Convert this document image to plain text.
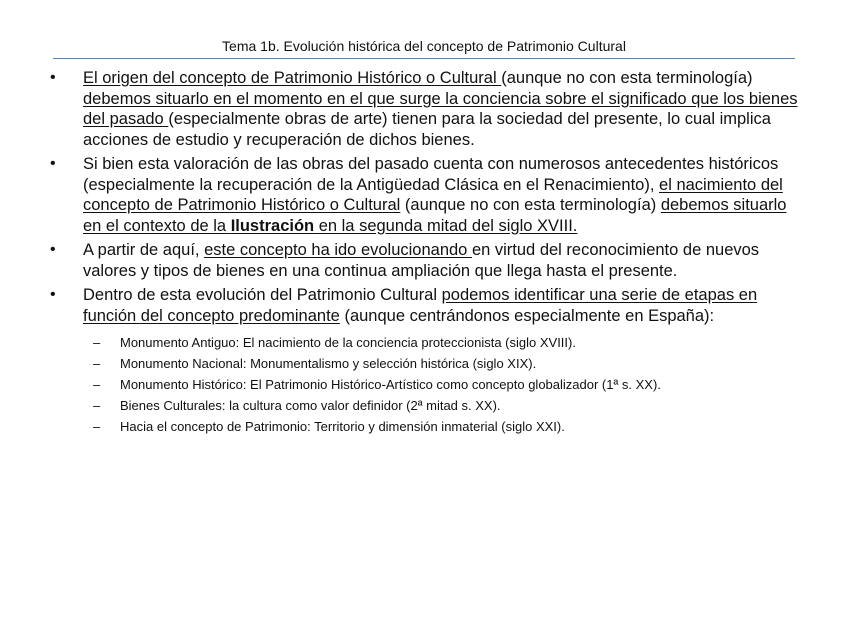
Tema 1b. Evolución histórica del concepto de Patrimonio Cultural
•	El origen del concepto de Patrimonio Histórico o Cultural (aunque no con esta terminología) debemos situarlo en el momento en el que surge la conciencia sobre el significado que los bienes del pasado (especialmente obras de arte) tienen para la sociedad del presente, lo cual implica acciones de estudio y recuperación de dichos bienes.
•	Si bien esta valoración de las obras del pasado cuenta con numerosos antecedentes históricos (especialmente la recuperación de la Antigüedad Clásica en el Renacimiento), el nacimiento del concepto de Patrimonio Histórico o Cultural (aunque no con esta terminología) debemos situarlo en el contexto de la Ilustración en la segunda mitad del siglo XVIII.
•	A partir de aquí, este concepto ha ido evolucionando en virtud del reconocimiento de nuevos valores y tipos de bienes en una continua ampliación que llega hasta el presente.
•	Dentro de esta evolución del Patrimonio Cultural podemos identificar una serie de etapas en función del concepto predominante (aunque centrándonos especialmente en España):
– Monumento Antiguo: El nacimiento de la conciencia proteccionista (siglo XVIII).
– Monumento Nacional: Monumentalismo y selección histórica (siglo XIX).
– Monumento Histórico: El Patrimonio Histórico-Artístico como concepto globalizador (1ª s. XX).
– Bienes Culturales: la cultura como valor definidor (2ª mitad s. XX).
– Hacia el concepto de Patrimonio: Territorio y dimensión inmaterial (siglo XXI).
